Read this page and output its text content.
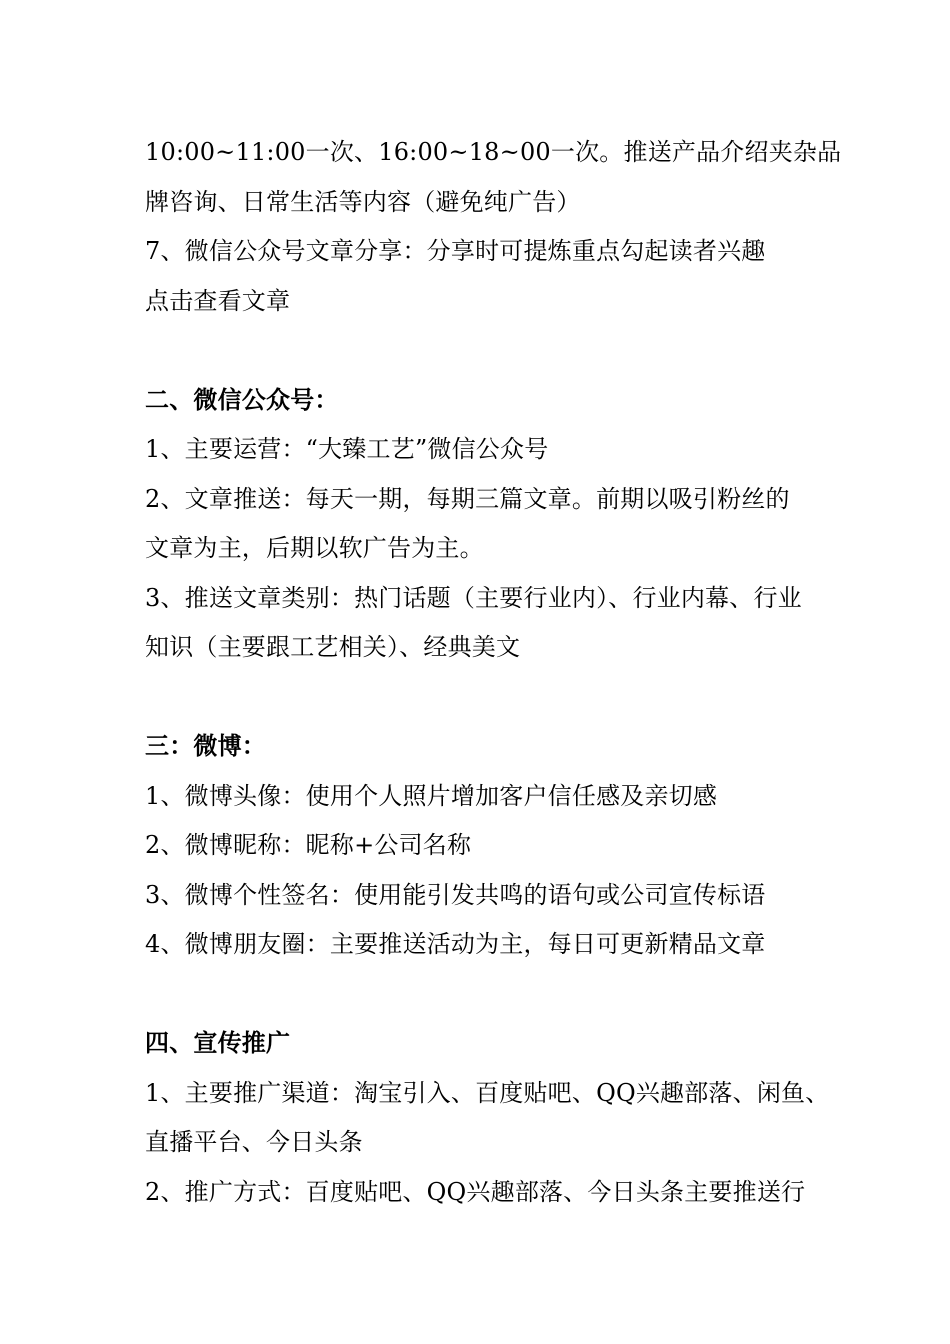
10:00~11:00一次、16:00~18~00一次。推送产品介绍夹杂品
牌咨询、日常生活等内容（避免纯广告）
7、微信公众号文章分享：分享时可提炼重点勾起读者兴趣
点击查看文章
二、微信公众号：
1、主要运营：“大臻工艺”微信公众号
2、文章推送：每天一期，每期三篇文章。前期以吸引粉丝的
文章为主，后期以软广告为主。
3、推送文章类别：热门话题（主要行业内）、行业内幕、行业
知识（主要跟工艺相关）、经典美文
三：微博：
1、微博头像：使用个人照片增加客户信任感及亲切感
2、微博昵称：昵称+公司名称
3、微博个性签名：使用能引发共鸣的语句或公司宣传标语
4、微博朋友圈：主要推送活动为主，每日可更新精品文章
四、宣传推广
1、主要推广渠道：淘宝引入、百度贴吧、QQ兴趣部落、闲鱼、
直播平台、今日头条
2、推广方式：百度贴吧、QQ兴趣部落、今日头条主要推送行
